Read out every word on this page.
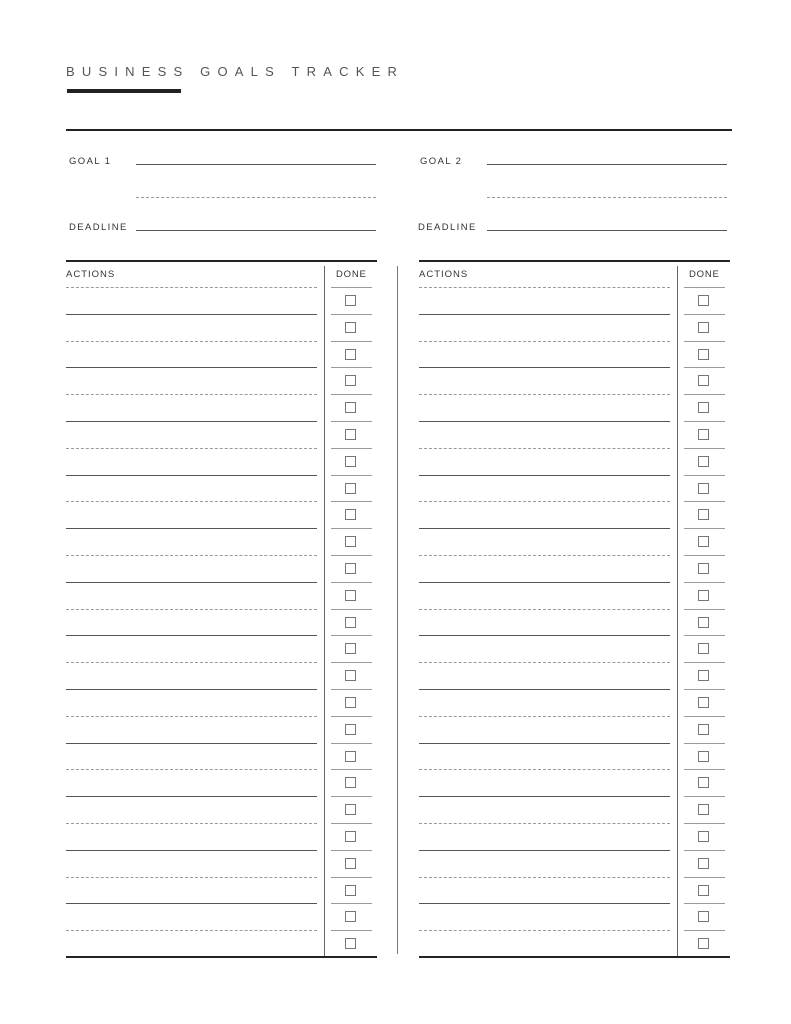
BUSINESS GOALS TRACKER
GOAL 1
DEADLINE
GOAL 2
DEADLINE
ACTIONS	DONE	ACTIONS	DONE
